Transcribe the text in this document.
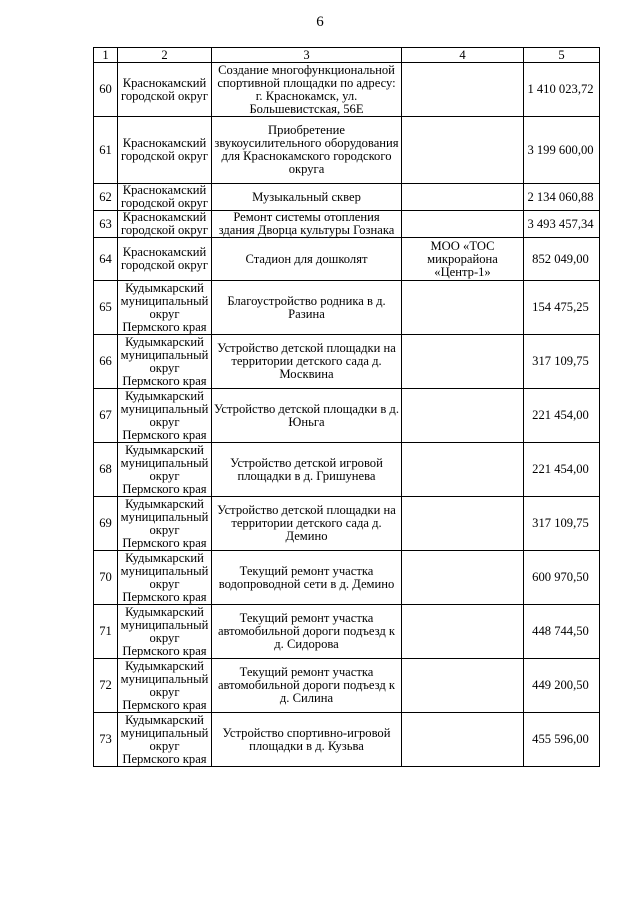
6
1	2	3	4	5
60	Краснокамский городской округ	Создание многофункциональной спортивной площадки по адресу: г. Краснокамск, ул. Большевистская, 56Е		1 410 023,72
61	Краснокамский городской округ	Приобретение звукоусилительного оборудования для Краснокамского городского округа		3 199 600,00
62	Краснокамский городской округ	Музыкальный сквер		2 134 060,88
63	Краснокамский городской округ	Ремонт системы отопления здания Дворца культуры Гознака		3 493 457,34
64	Краснокамский городской округ	Стадион для дошколят	МОО «ТОС микрорайона «Центр-1»	852 049,00
65	Кудымкарский муниципальный округ Пермского края	Благоустройство родника в д. Разина		154 475,25
66	Кудымкарский муниципальный округ Пермского края	Устройство детской площадки на территории детского сада д. Москвина		317 109,75
67	Кудымкарский муниципальный округ Пермского края	Устройство детской площадки в д. Юньга		221 454,00
68	Кудымкарский муниципальный округ Пермского края	Устройство детской игровой площадки в д. Гришунева		221 454,00
69	Кудымкарский муниципальный округ Пермского края	Устройство детской площадки на территории детского сада д. Демино		317 109,75
70	Кудымкарский муниципальный округ Пермского края	Текущий ремонт участка водопроводной сети в д. Демино		600 970,50
71	Кудымкарский муниципальный округ Пермского края	Текущий ремонт участка автомобильной дороги подъезд к д. Сидорова		448 744,50
72	Кудымкарский муниципальный округ Пермского края	Текущий ремонт участка автомобильной дороги подъезд к д. Силина		449 200,50
73	Кудымкарский муниципальный округ Пермского края	Устройство спортивно-игровой площадки в д. Кузьва		455 596,00
